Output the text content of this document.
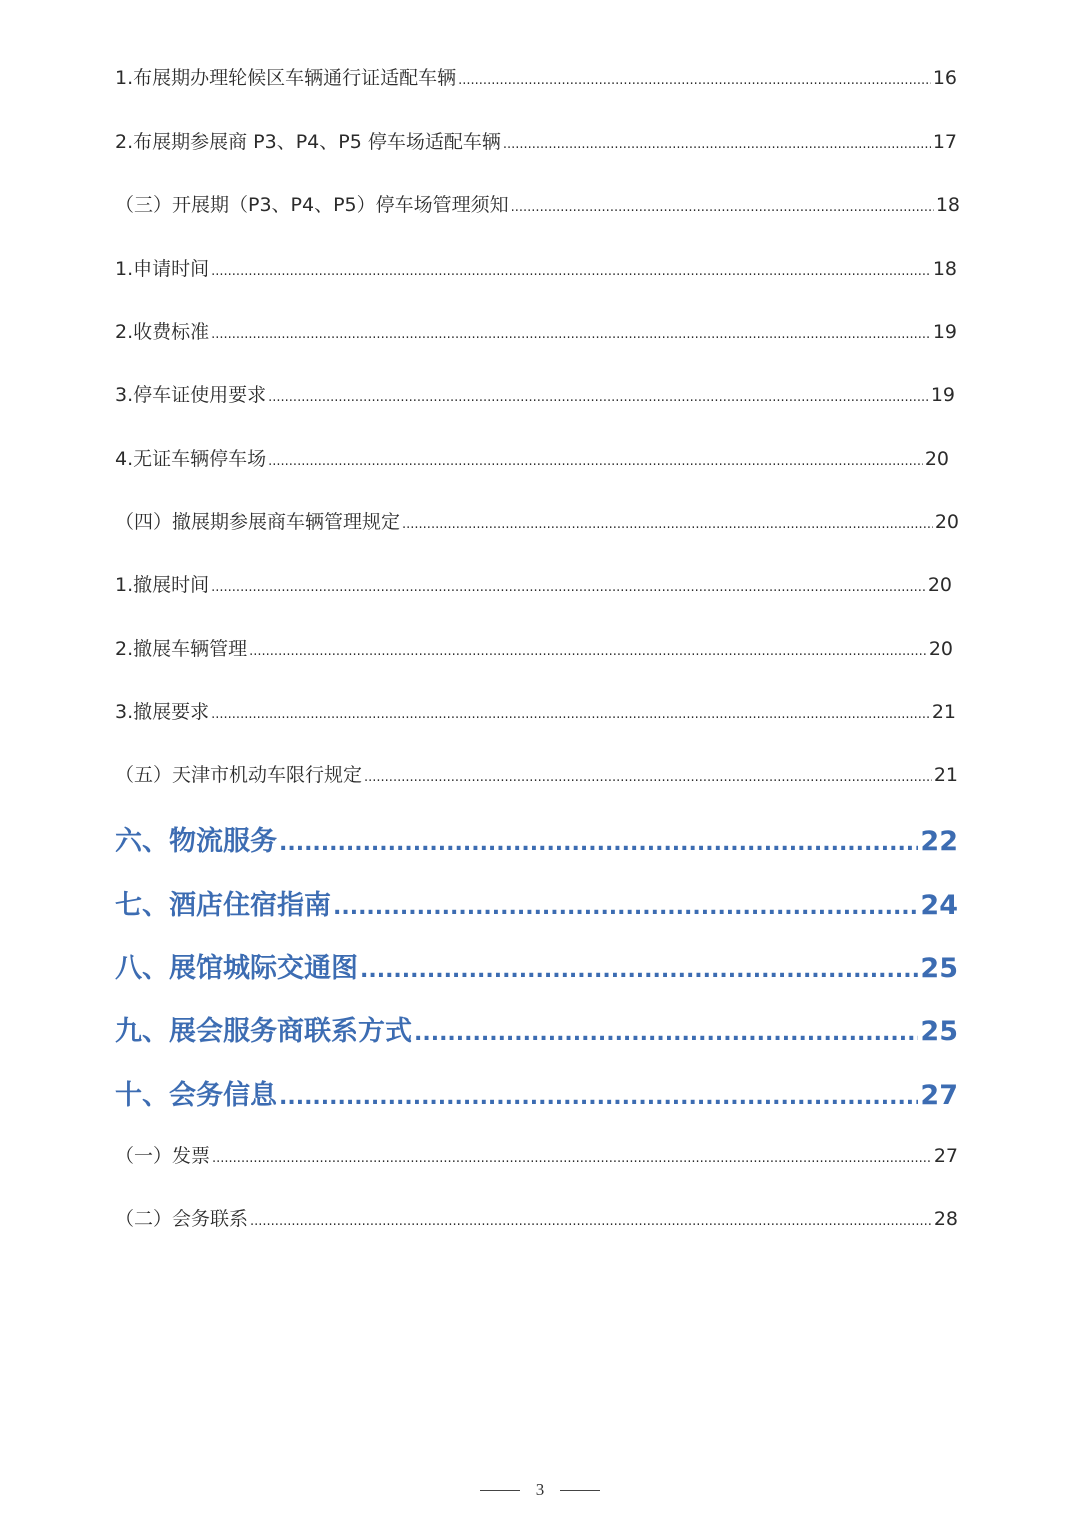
1.布展期办理轮候区车辆通行证适配车辆 .....	16
2.布展期参展商 P3、P4、P5 停车场适配车辆 .....	17
（三）开展期（P3、P4、P5）停车场管理须知 .....	18
1.申请时间 .....	18
2.收费标准 .....	19
3.停车证使用要求 .....	19
4.无证车辆停车场 .....	20
（四）撤展期参展商车辆管理规定 .....	20
1.撤展时间 .....	20
2.撤展车辆管理 .....	20
3.撤展要求 .....	21
（五）天津市机动车限行规定 .....	21
六、物流服务 .....	22
七、酒店住宿指南 .....	24
八、展馆城际交通图 .....	25
九、展会服务商联系方式 .....	25
十、会务信息 .....	27
（一）发票 .....	27
（二）会务联系 .....	28
3
